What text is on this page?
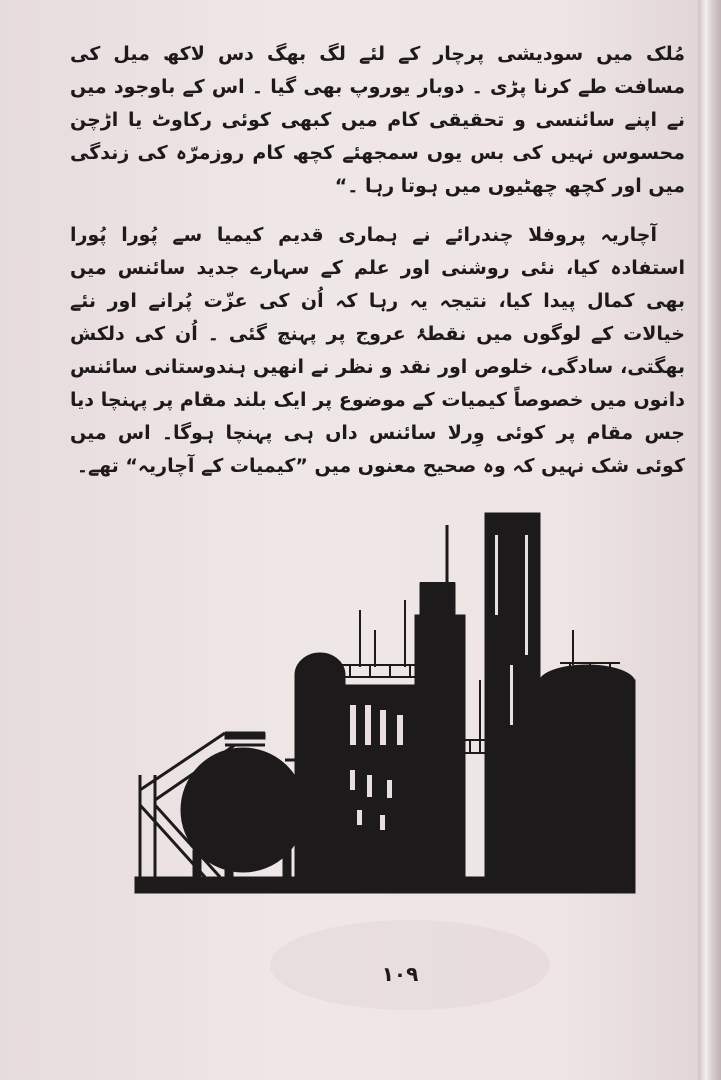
مُلک میں سودیشی پرچار کے لئے لگ بھگ دس لاکھ میل کی مسافت طے کرنا پڑی ۔ دوبار یوروپ بھی گیا ۔ اس کے باوجود میں نے اپنے سائنسی و تحقیقی کام میں کبھی کوئی رکاوٹ یا اڑچن محسوس نہیں کی بس یوں سمجھئے کچھ کام روزمرّہ کی زندگی میں اور کچھ چھٹیوں میں ہوتا رہا ۔“

آچاریہ پروفلا چندرائے نے ہماری قدیم کیمیا سے پُورا پُورا استفادہ کیا، نئی روشنی اور علم کے سہارے جدید سائنس میں بھی کمال پیدا کیا، نتیجہ یہ رہا کہ اُن کی عزّت پُرانے اور نئے خیالات کے لوگوں میں نقطۂ عروج پر پہنچ گئی ۔ اُن کی دلکش بھگتی، سادگی، خلوص اور نقد و نظر نے انھیں ہندوستانی سائنس دانوں میں خصوصاً کیمیات کے موضوع پر ایک بلند مقام پر پہنچا دیا جس مقام پر کوئی وِرلا سائنس داں ہی پہنچا ہوگا۔ اس میں کوئی شک نہیں کہ وہ صحیح معنوں میں ”کیمیات کے آچاریہ“ تھے۔

١٠٩
